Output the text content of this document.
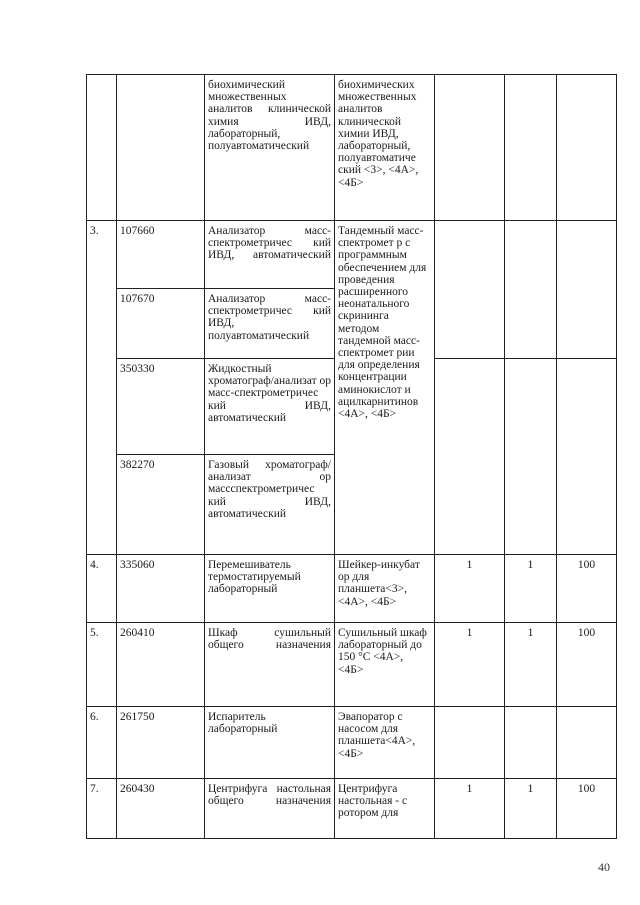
		биохимический множественных аналитов клинической химия ИВД, лабораторный, полуавтоматический	биохимических множественных аналитов клинической химии ИВД, лабораторный, полуавтоматиче ский <3>, <4А>, <4Б>			
3.	107660	Анализатор масс-спектрометричес кий ИВД, автоматический	Тандемный масс-спектромет р с программным обеспечением для проведения расширенного неонатального скрининга методом тандемной масс-спектромет рии для определения концентрации аминокислот и ацилкарнитинов <4А>, <4Б>			
	107670	Анализатор масс-спектрометричес кий ИВД, полуавтоматический				
	350330	Жидкостный хроматограф/анализат ор масс-спектрометричес кий ИВД, автоматический				
	382270	Газовый хроматограф/анализат ор массспектрометричес кий ИВД, автоматический				
4.	335060	Перемешиватель термостатируемый лабораторный	Шейкер-инкубат ор для планшета<3>, <4А>, <4Б>	1	1	100
5.	260410	Шкаф сушильный общего назначения	Сушильный шкаф лабораторный до 150 °С <4А>, <4Б>	1	1	100
6.	261750	Испаритель лабораторный	Эвапоратор с насосом для планшета<4А>, <4Б>			
7.	260430	Центрифуга настольная общего назначения	Центрифуга настольная - с ротором для	1	1	100
40
